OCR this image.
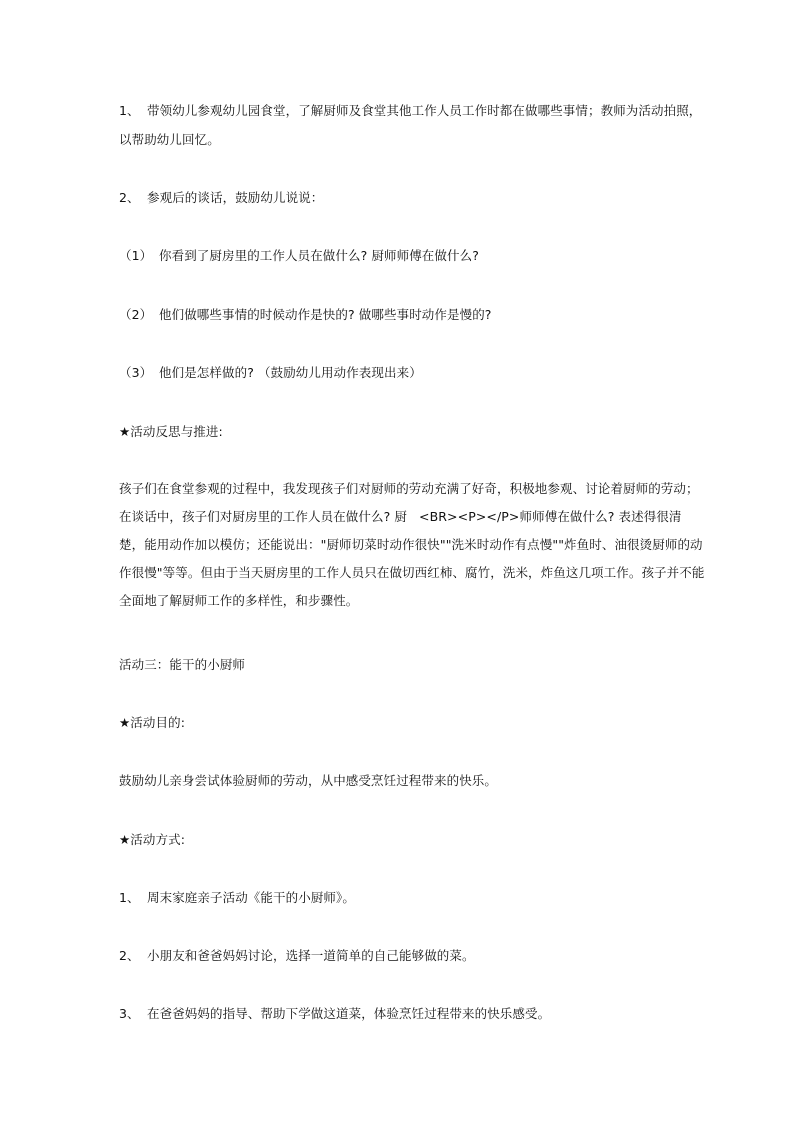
1、 带领幼儿参观幼儿园食堂，了解厨师及食堂其他工作人员工作时都在做哪些事情；教师为活动拍照，
以帮助幼儿回忆。
2、 参观后的谈话，鼓励幼儿说说：
（1） 你看到了厨房里的工作人员在做什么? 厨师师傅在做什么?
（2） 他们做哪些事情的时候动作是快的? 做哪些事时动作是慢的?
（3） 他们是怎样做的? （鼓励幼儿用动作表现出来）
★活动反思与推进:
孩子们在食堂参观的过程中，我发现孩子们对厨师的劳动充满了好奇，积极地参观、讨论着厨师的劳动；
在谈话中，孩子们对厨房里的工作人员在做什么? 厨 <BR><P></P>师师傅在做什么? 表述得很清
楚，能用动作加以模仿；还能说出："厨师切菜时动作很快""洗米时动作有点慢""炸鱼时、油很烫厨师的动
作很慢"等等。但由于当天厨房里的工作人员只在做切西红柿、腐竹，洗米，炸鱼这几项工作。孩子并不能
全面地了解厨师工作的多样性，和步骤性。
活动三：能干的小厨师
★活动目的:
鼓励幼儿亲身尝试体验厨师的劳动，从中感受烹饪过程带来的快乐。
★活动方式:
1、 周末家庭亲子活动《能干的小厨师》。
2、 小朋友和爸爸妈妈讨论，选择一道简单的自己能够做的菜。
3、 在爸爸妈妈的指导、帮助下学做这道菜，体验烹饪过程带来的快乐感受。
